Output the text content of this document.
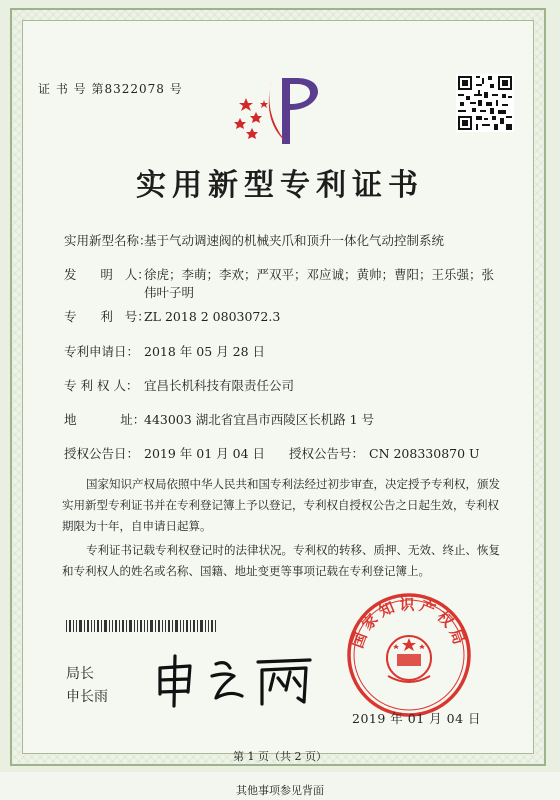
证 书 号 第8322078 号
实用新型专利证书
实用新型名称：
基于气动调速阀的机械夹爪和顶升一体化气动控制系统
发      明   人：
徐虎；李萌；李欢；严双平；邓应诚；黄帅；曹阳；王乐强；张伟叶子明
专      利   号：
ZL 2018 2 0803072.3
专利申请日： 2018 年 05 月 28 日
专 利 权 人： 宜昌长机科技有限责任公司
地           址：
443003 湖北省宜昌市西陵区长机路 1 号
授权公告日： 2019 年 01 月 04 日	授权公告号： CN 208330870 U
国家知识产权局依照中华人民共和国专利法经过初步审查，决定授予专利权，颁发实用新型专利证书并在专利登记簿上予以登记，专利权自授权公告之日起生效，专利权期限为十年，自申请日起算。
专利证书记载专利权登记时的法律状况。专利权的转移、质押、无效、终止、恢复和专利权人的姓名或名称、国籍、地址变更等事项记载在专利登记簿上。
局长
申长雨
国家知识产权局
2019 年 01 月 04 日
第 1 页（共 2 页）
其他事项参见背面
